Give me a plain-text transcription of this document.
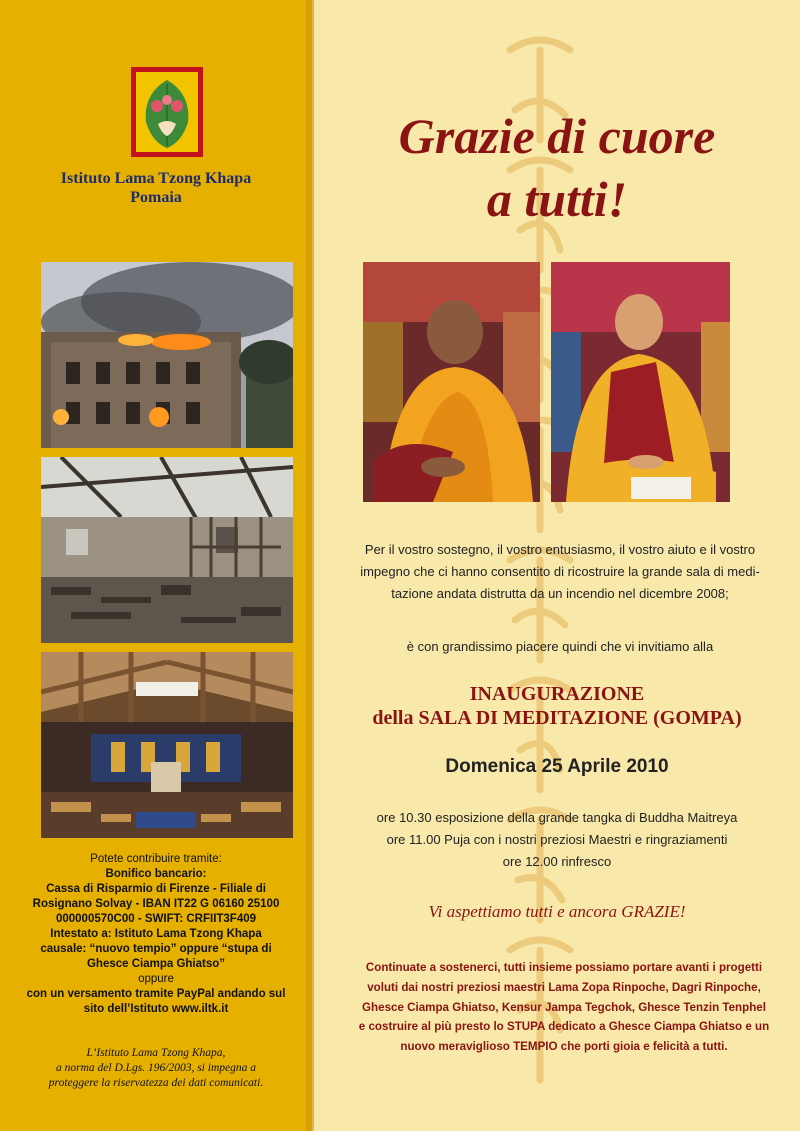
Istituto Lama Tzong Khapa
Pomaia
Potete contribuire tramite:
Bonifico bancario:
Cassa di Risparmio di Firenze - Filiale di
Rosignano Solvay - IBAN IT22 G 06160 25100
000000570C00 - SWIFT: CRFIIT3F409
Intestato a: Istituto Lama Tzong Khapa
causale: “nuovo tempio” oppure “stupa di
Ghesce Ciampa Ghiatso”
oppure
con un versamento tramite PayPal andando sul
sito dell’Istituto www.iltk.it
L’Istituto Lama Tzong Khapa,
a norma del D.Lgs. 196/2003, si impegna a
proteggere la riservatezza dei dati comunicati.
Grazie di cuore
a tutti!
Per il vostro sostegno, il vostro entusiasmo, il vostro aiuto e il vostro
impegno che ci hanno consentito di ricostruire la grande sala di medi-
tazione andata distrutta da un incendio nel dicembre 2008;
è con grandissimo piacere quindi che vi invitiamo alla
INAUGURAZIONE
della SALA DI MEDITAZIONE (GOMPA)
Domenica 25 Aprile 2010
ore 10.30 esposizione della grande tangka di Buddha Maitreya
ore 11.00 Puja con i nostri preziosi Maestri e ringraziamenti
ore 12.00 rinfresco
Vi aspettiamo tutti e ancora GRAZIE!
Continuate a sostenerci, tutti insieme possiamo portare avanti i progetti
voluti dai nostri preziosi maestri Lama Zopa Rinpoche, Dagri Rinpoche,
Ghesce Ciampa Ghiatso, Kensur Jampa Tegchok, Ghesce Tenzin Tenphel
e costruire al più presto lo STUPA dedicato a Ghesce Ciampa Ghiatso e un
nuovo meraviglioso TEMPIO che porti gioia e felicità a tutti.
